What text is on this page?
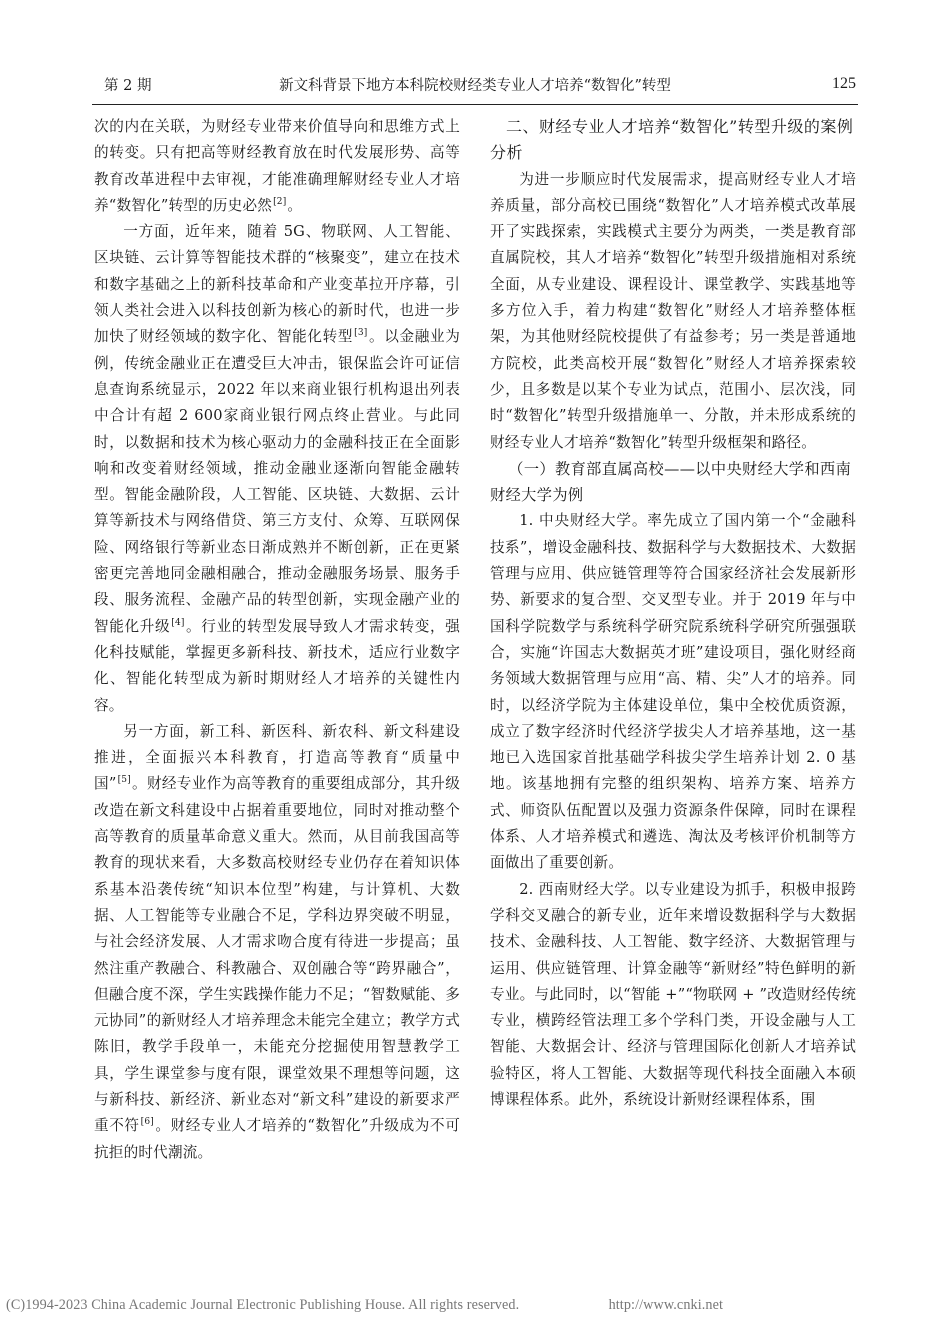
第 2 期	新文科背景下地方本科院校财经类专业人才培养“数智化”转型	125

次的内在关联，为财经专业带来价值导向和思维方式上的转变。只有把高等财经教育放在时代发展形势、高等教育改革进程中去审视，才能准确理解财经专业人才培养“数智化”转型的历史必然[2]。

一方面，近年来，随着 5G、物联网、人工智能、区块链、云计算等智能技术群的“核聚变”，建立在技术和数字基础之上的新科技革命和产业变革拉开序幕，引领人类社会进入以科技创新为核心的新时代，也进一步加快了财经领域的数字化、智能化转型[3]。以金融业为例，传统金融业正在遭受巨大冲击，银保监会许可证信息查询系统显示，2022 年以来商业银行机构退出列表中合计有超 2 600家商业银行网点终止营业。与此同时，以数据和技术为核心驱动力的金融科技正在全面影响和改变着财经领域，推动金融业逐渐向智能金融转型。智能金融阶段，人工智能、区块链、大数据、云计算等新技术与网络借贷、第三方支付、众筹、互联网保险、网络银行等新业态日渐成熟并不断创新，正在更紧密更完善地同金融相融合，推动金融服务场景、服务手段、服务流程、金融产品的转型创新，实现金融产业的智能化升级[4]。行业的转型发展导致人才需求转变，强化科技赋能，掌握更多新科技、新技术，适应行业数字化、智能化转型成为新时期财经人才培养的关键性内容。

另一方面，新工科、新医科、新农科、新文科建设推进，全面振兴本科教育，打造高等教育“质量中国”[5]。财经专业作为高等教育的重要组成部分，其升级改造在新文科建设中占据着重要地位，同时对推动整个高等教育的质量革命意义重大。然而，从目前我国高等教育的现状来看，大多数高校财经专业仍存在着知识体系基本沿袭传统“知识本位型”构建，与计算机、大数据、人工智能等专业融合不足，学科边界突破不明显，与社会经济发展、人才需求吻合度有待进一步提高；虽然注重产教融合、科教融合、双创融合等“跨界融合”，但融合度不深，学生实践操作能力不足；“智数赋能、多元协同”的新财经人才培养理念未能完全建立；教学方式陈旧，教学手段单一，未能充分挖掘使用智慧教学工具，学生课堂参与度有限，课堂效果不理想等问题，这与新科技、新经济、新业态对“新文科”建设的新要求严重不符[6]。财经专业人才培养的“数智化”升级成为不可抗拒的时代潮流。

二、财经专业人才培养“数智化”转型升级的案例分析

为进一步顺应时代发展需求，提高财经专业人才培养质量，部分高校已围绕“数智化”人才培养模式改革展开了实践探索，实践模式主要分为两类，一类是教育部直属院校，其人才培养“数智化”转型升级措施相对系统全面，从专业建设、课程设计、课堂教学、实践基地等多方位入手，着力构建“数智化”财经人才培养整体框架，为其他财经院校提供了有益参考；另一类是普通地方院校，此类高校开展“数智化”财经人才培养探索较少，且多数是以某个专业为试点，范围小、层次浅，同时“数智化”转型升级措施单一、分散，并未形成系统的财经专业人才培养“数智化”转型升级框架和路径。

（一）教育部直属高校——以中央财经大学和西南财经大学为例

1. 中央财经大学。率先成立了国内第一个“金融科技系”，增设金融科技、数据科学与大数据技术、大数据管理与应用、供应链管理等符合国家经济社会发展新形势、新要求的复合型、交叉型专业。并于 2019 年与中国科学院数学与系统科学研究院系统科学研究所强强联合，实施“许国志大数据英才班”建设项目，强化财经商务领域大数据管理与应用“高、精、尖”人才的培养。同时，以经济学院为主体建设单位，集中全校优质资源，成立了数字经济时代经济学拔尖人才培养基地，这一基地已入选国家首批基础学科拔尖学生培养计划 2. 0 基地。该基地拥有完整的组织架构、培养方案、培养方式、师资队伍配置以及强力资源条件保障，同时在课程体系、人才培养模式和遴选、淘汰及考核评价机制等方面做出了重要创新。

2. 西南财经大学。以专业建设为抓手，积极申报跨学科交叉融合的新专业，近年来增设数据科学与大数据技术、金融科技、人工智能、数字经济、大数据管理与运用、供应链管理、计算金融等“新财经”特色鲜明的新专业。与此同时，以“智能 +”“物联网 + ”改造财经传统专业，横跨经管法理工多个学科门类，开设金融与人工智能、大数据会计、经济与管理国际化创新人才培养试验特区，将人工智能、大数据等现代科技全面融入本硕博课程体系。此外，系统设计新财经课程体系，围

(C)1994-2023 China Academic Journal Electronic Publishing House. All rights reserved.	http://www.cnki.net
